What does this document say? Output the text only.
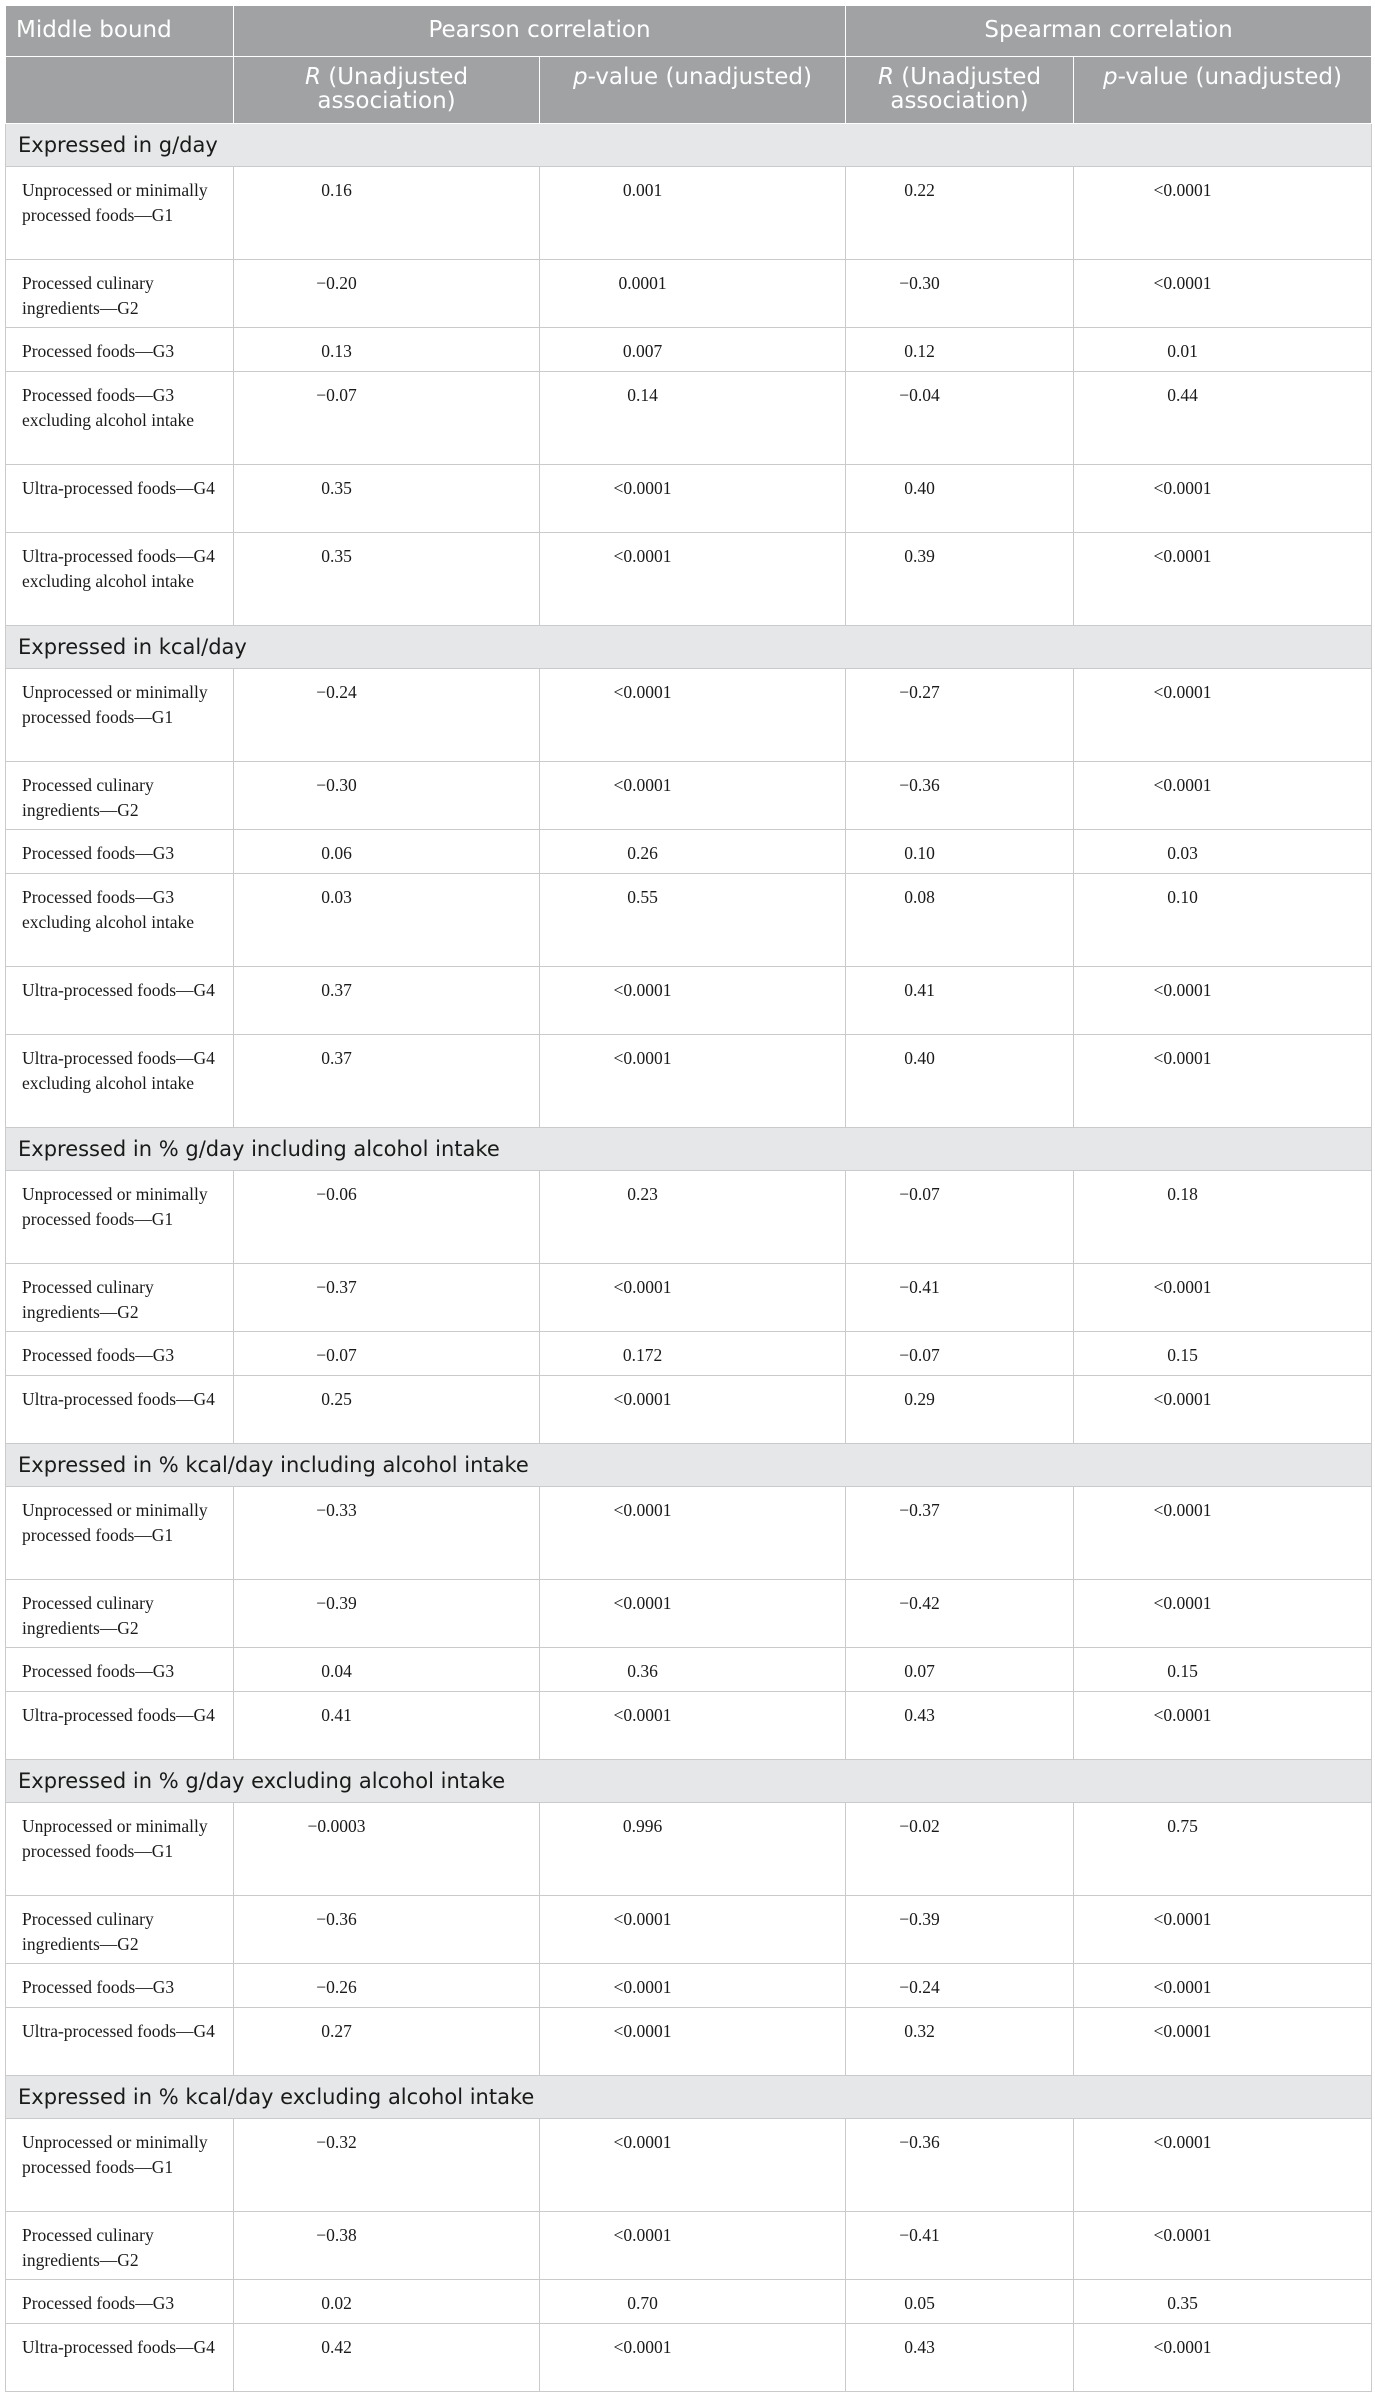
Middle bound	Pearson correlation		Spearman correlation	
	R (Unadjusted association)	p-value (unadjusted)	R (Unadjusted association)	p-value (unadjusted)
Expressed in g/day				
Unprocessed or minimally processed foods—G1	0.16	0.001	0.22	<0.0001
Processed culinary ingredients—G2	−0.20	0.0001	−0.30	<0.0001
Processed foods—G3	0.13	0.007	0.12	0.01
Processed foods—G3 excluding alcohol intake	−0.07	0.14	−0.04	0.44
Ultra-processed foods—G4	0.35	<0.0001	0.40	<0.0001
Ultra-processed foods—G4 excluding alcohol intake	0.35	<0.0001	0.39	<0.0001
Expressed in kcal/day				
Unprocessed or minimally processed foods—G1	−0.24	<0.0001	−0.27	<0.0001
Processed culinary ingredients—G2	−0.30	<0.0001	−0.36	<0.0001
Processed foods—G3	0.06	0.26	0.10	0.03
Processed foods—G3 excluding alcohol intake	0.03	0.55	0.08	0.10
Ultra-processed foods—G4	0.37	<0.0001	0.41	<0.0001
Ultra-processed foods—G4 excluding alcohol intake	0.37	<0.0001	0.40	<0.0001
Expressed in % g/day including alcohol intake				
Unprocessed or minimally processed foods—G1	−0.06	0.23	−0.07	0.18
Processed culinary ingredients—G2	−0.37	<0.0001	−0.41	<0.0001
Processed foods—G3	−0.07	0.172	−0.07	0.15
Ultra-processed foods—G4	0.25	<0.0001	0.29	<0.0001
Expressed in % kcal/day including alcohol intake				
Unprocessed or minimally processed foods—G1	−0.33	<0.0001	−0.37	<0.0001
Processed culinary ingredients—G2	−0.39	<0.0001	−0.42	<0.0001
Processed foods—G3	0.04	0.36	0.07	0.15
Ultra-processed foods—G4	0.41	<0.0001	0.43	<0.0001
Expressed in % g/day excluding alcohol intake				
Unprocessed or minimally processed foods—G1	−0.0003	0.996	−0.02	0.75
Processed culinary ingredients—G2	−0.36	<0.0001	−0.39	<0.0001
Processed foods—G3	−0.26	<0.0001	−0.24	<0.0001
Ultra-processed foods—G4	0.27	<0.0001	0.32	<0.0001
Expressed in % kcal/day excluding alcohol intake				
Unprocessed or minimally processed foods—G1	−0.32	<0.0001	−0.36	<0.0001
Processed culinary ingredients—G2	−0.38	<0.0001	−0.41	<0.0001
Processed foods—G3	0.02	0.70	0.05	0.35
Ultra-processed foods—G4	0.42	<0.0001	0.43	<0.0001
